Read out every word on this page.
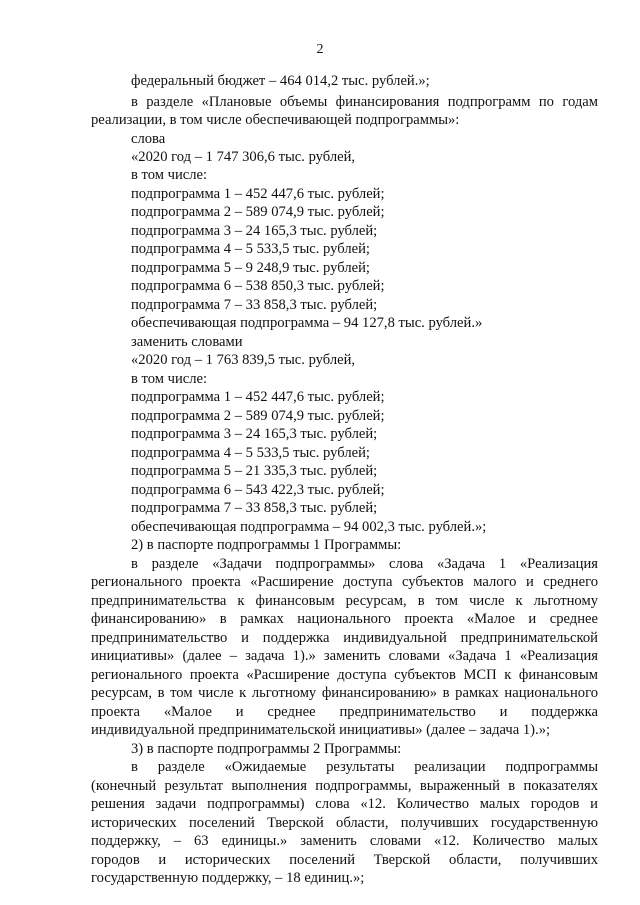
2
федеральный бюджет – 464 014,2 тыс. рублей.»;
в разделе «Плановые объемы финансирования подпрограмм по годам
реализации, в том числе обеспечивающей подпрограммы»:
слова
«2020 год – 1 747 306,6 тыс. рублей,
в том числе:
подпрограмма 1 – 452 447,6 тыс. рублей;
подпрограмма 2 – 589 074,9 тыс. рублей;
подпрограмма 3 – 24 165,3 тыс. рублей;
подпрограмма 4 – 5 533,5 тыс. рублей;
подпрограмма 5 – 9 248,9 тыс. рублей;
подпрограмма 6 – 538 850,3 тыс. рублей;
подпрограмма 7 – 33 858,3 тыс. рублей;
обеспечивающая подпрограмма – 94 127,8 тыс. рублей.»
заменить словами
«2020 год – 1 763 839,5 тыс. рублей,
в том числе:
подпрограмма 1 – 452 447,6 тыс. рублей;
подпрограмма 2 – 589 074,9 тыс. рублей;
подпрограмма 3 – 24 165,3 тыс. рублей;
подпрограмма 4 – 5 533,5 тыс. рублей;
подпрограмма 5 – 21 335,3 тыс. рублей;
подпрограмма 6 – 543 422,3 тыс. рублей;
подпрограмма 7 – 33 858,3 тыс. рублей;
обеспечивающая подпрограмма – 94 002,3 тыс. рублей.»;
2) в паспорте подпрограммы 1 Программы:
в разделе «Задачи подпрограммы» слова «Задача 1 «Реализация
регионального проекта «Расширение доступа субъектов малого и среднего
предпринимательства к финансовым ресурсам, в том числе к льготному
финансированию» в рамках национального проекта «Малое и среднее
предпринимательство и поддержка индивидуальной предпринимательской
инициативы» (далее – задача 1).» заменить словами «Задача 1 «Реализация
регионального проекта «Расширение доступа субъектов МСП к финансовым
ресурсам, в том числе к льготному финансированию» в рамках национального
проекта «Малое и среднее предпринимательство и поддержка
индивидуальной предпринимательской инициативы» (далее – задача 1).»;
3) в паспорте подпрограммы 2 Программы:
в разделе «Ожидаемые результаты реализации подпрограммы
(конечный результат выполнения подпрограммы, выраженный в показателях
решения задачи подпрограммы) слова «12. Количество малых городов и
исторических поселений Тверской области, получивших государственную
поддержку, – 63 единицы.» заменить словами «12. Количество малых
городов и исторических поселений Тверской области, получивших
государственную поддержку, – 18 единиц.»;
